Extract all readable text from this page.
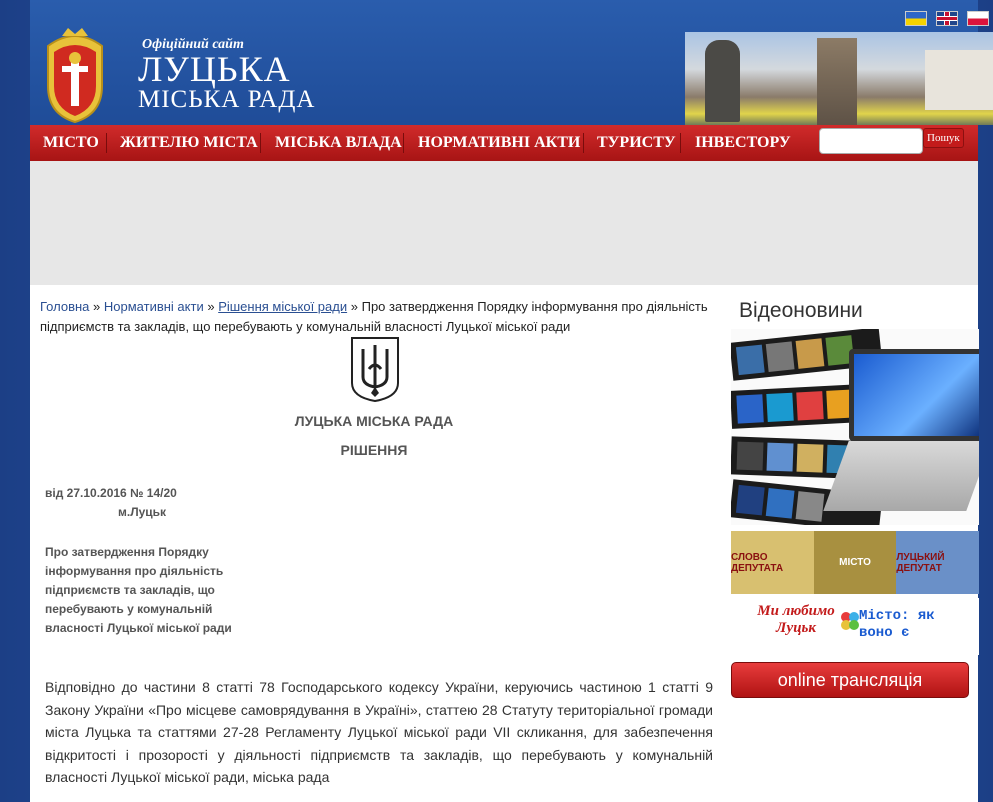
Офіційний сайт
ЛУЦЬКА
МІСЬКА РАДА
МІСТО ЖИТЕЛЮ МІСТА МІСЬКА ВЛАДА НОРМАТИВНІ АКТИ ТУРИСТУ ІНВЕСТОРУ	Пошук
Головна » Нормативні акти » Рішення міської ради » Про затвердження Порядку інформування про діяльність підприємств та закладів, що перебувають у комунальній власності Луцької міської ради
ЛУЦЬКА МІСЬКА РАДА
РІШЕННЯ
від 27.10.2016 № 14/20
м.Луцьк
Про затвердження Порядку інформування про діяльність підприємств та закладів, що перебувають у комунальній власності Луцької міської ради
Відповідно до частини 8 статті 78 Господарського кодексу України, керуючись частиною 1 статті 9 Закону України «Про місцеве самоврядування в Україні», статтею 28 Статуту територіальної громади міста Луцька та статтями 27-28 Регламенту Луцької міської ради VII скликання, для забезпечення відкритості і прозорості у діяльності підприємств та закладів, що перебувають у комунальній власності Луцької міської ради, міська рада
Відеоновини
СЛОВО ДЕПУТАТА	МІСТО	ЛУЦЬКИЙ ДЕПУТАТ
Ми любимо Луцьк
Місто: як воно є
online трансляція
